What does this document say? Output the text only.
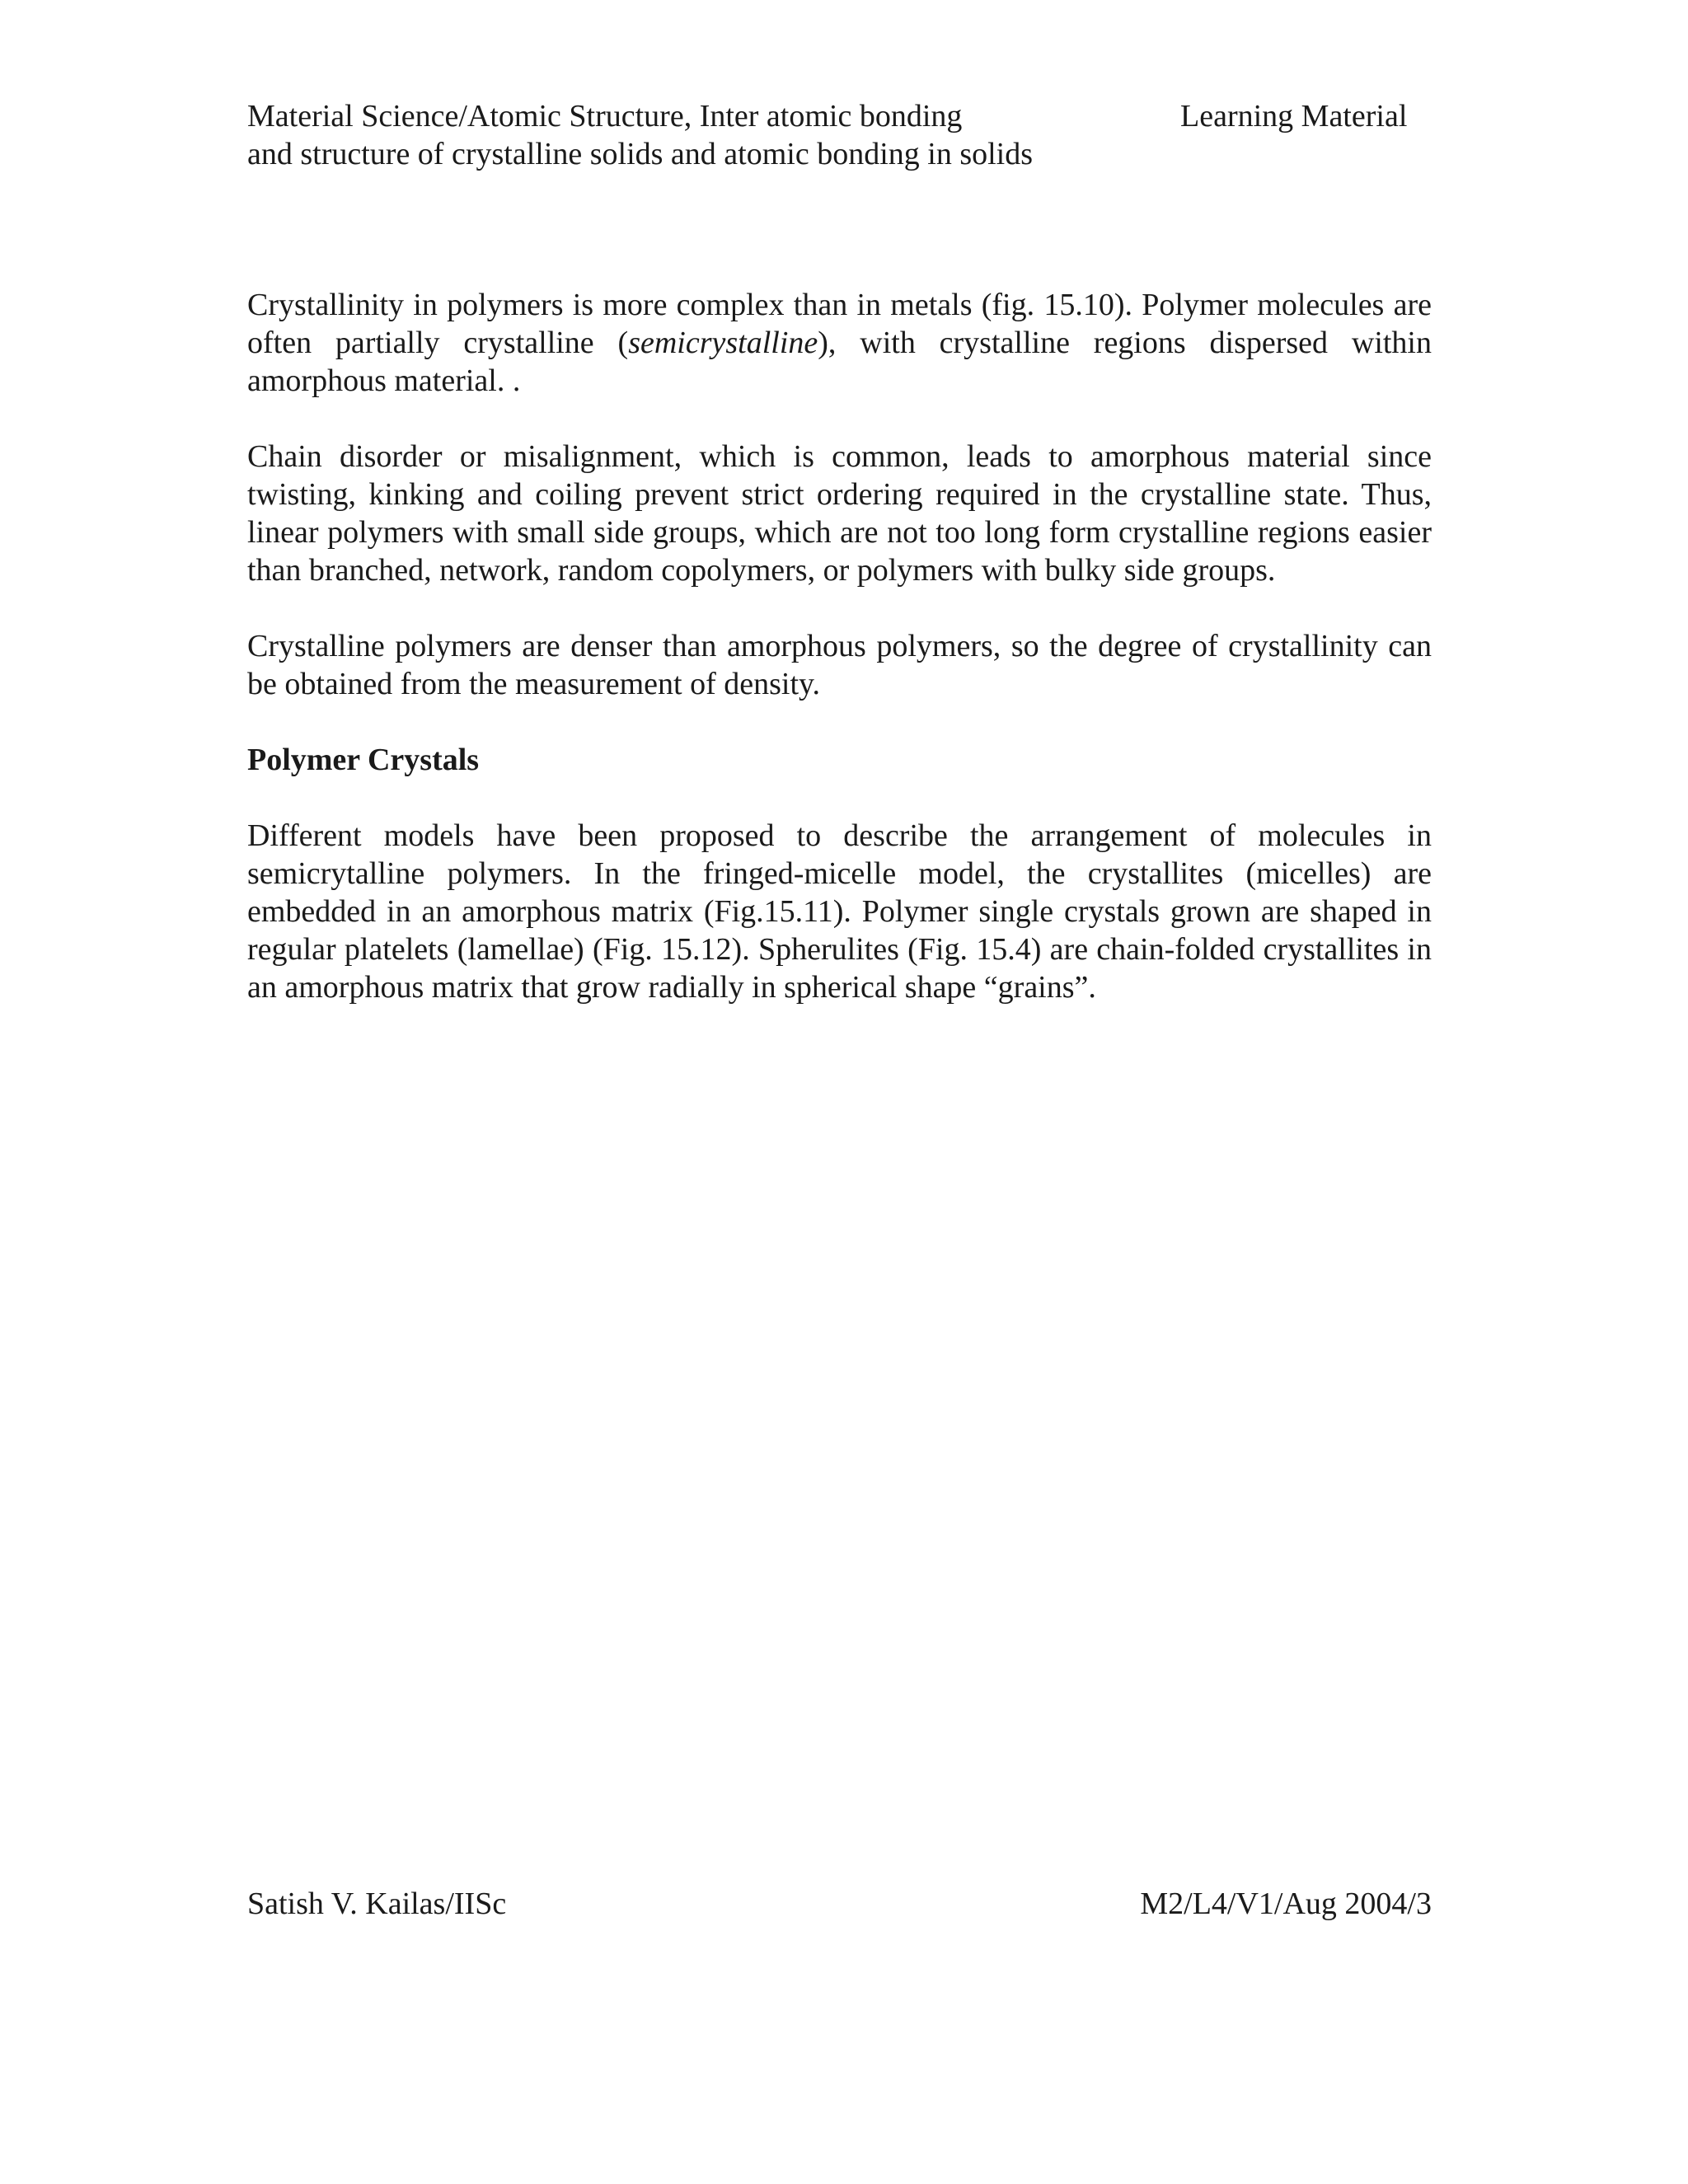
Material Science/Atomic Structure, Inter atomic bonding
and structure of crystalline solids and atomic bonding in solids
Learning Material

Crystallinity in polymers is more complex than in metals (fig. 15.10). Polymer molecules are often partially crystalline (semicrystalline), with crystalline regions dispersed within amorphous material. .

Chain disorder or misalignment, which is common, leads to amorphous material since twisting, kinking and coiling prevent strict ordering required in the crystalline state. Thus, linear polymers with small side groups, which are not too long form crystalline regions easier than branched, network, random copolymers, or polymers with bulky side groups.

Crystalline polymers are denser than amorphous polymers, so the degree of crystallinity can be obtained from the measurement of density.

Polymer Crystals

Different models have been proposed to describe the arrangement of molecules in semicrytalline polymers. In the fringed-micelle model, the crystallites (micelles) are embedded in an amorphous matrix (Fig.15.11). Polymer single crystals grown are shaped in regular platelets (lamellae) (Fig. 15.12). Spherulites (Fig. 15.4) are chain-folded crystallites in an amorphous matrix that grow radially in spherical shape “grains”.

Satish V. Kailas/IISc	M2/L4/V1/Aug 2004/3
